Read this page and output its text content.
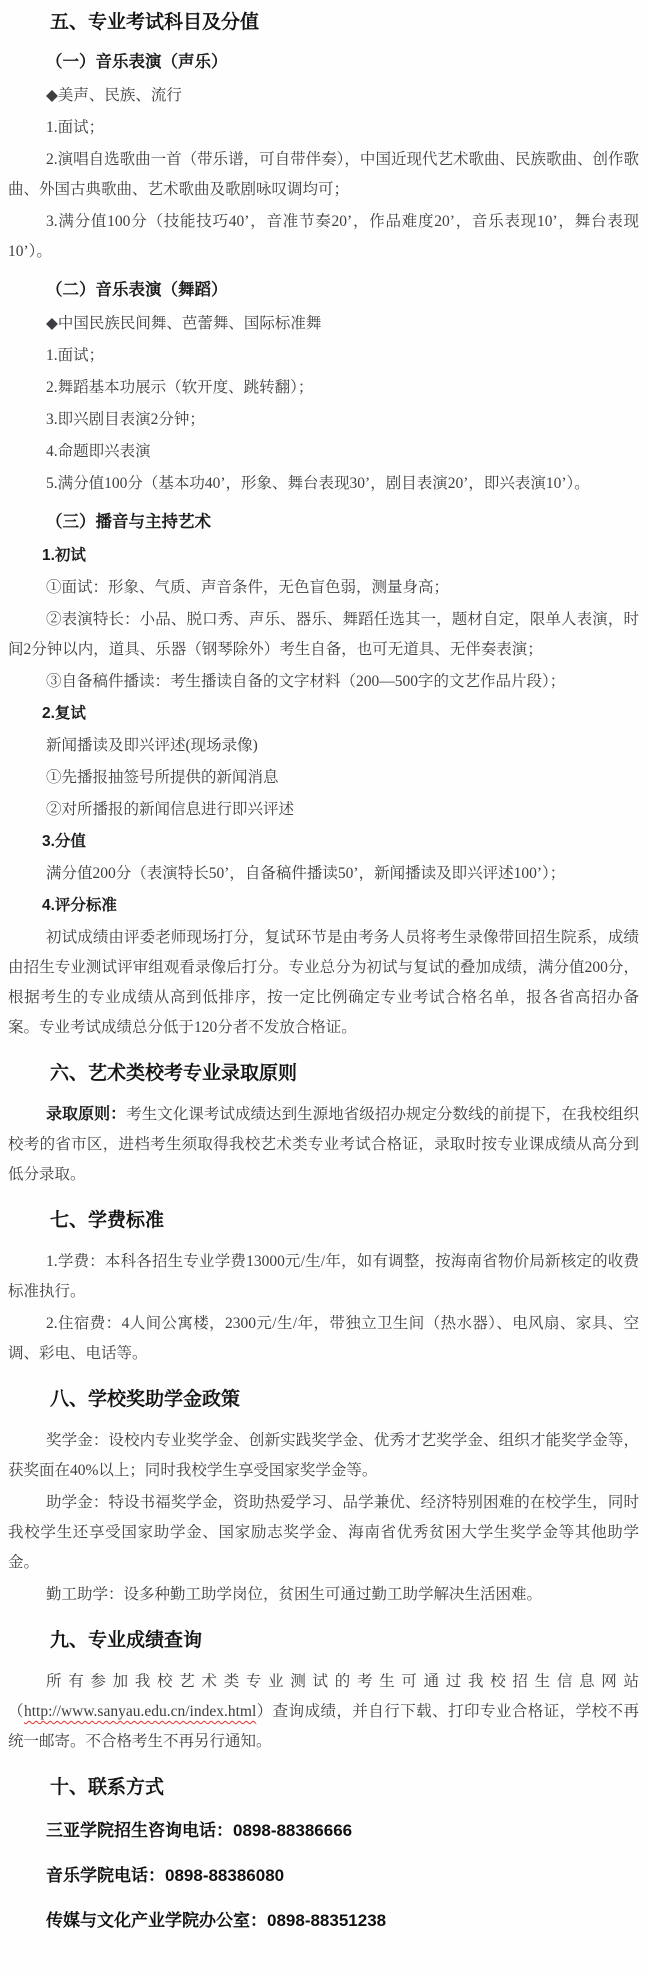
五、专业考试科目及分值
（一）音乐表演（声乐）

◆美声、民族、流行

1.面试；

2.演唱自选歌曲一首（带乐谱，可自带伴奏），中国近现代艺术歌曲、民族歌曲、创作歌曲、外国古典歌曲、艺术歌曲及歌剧咏叹调均可；

3.满分值100分（技能技巧40’，音准节奏20’，作品难度20’，音乐表现10’，舞台表现10’）。

（二）音乐表演（舞蹈）

◆中国民族民间舞、芭蕾舞、国际标准舞

1.面试；

2.舞蹈基本功展示（软开度、跳转翻）；

3.即兴剧目表演2分钟；

4.命题即兴表演

5.满分值100分（基本功40’，形象、舞台表现30’，剧目表演20’，即兴表演10’）。

（三）播音与主持艺术
1.初试

①面试：形象、气质、声音条件，无色盲色弱，测量身高；

②表演特长：小品、脱口秀、声乐、器乐、舞蹈任选其一，题材自定，限单人表演，时间2分钟以内，道具、乐器（钢琴除外）考生自备，也可无道具、无伴奏表演；

③自备稿件播读：考生播读自备的文字材料（200—500字的文艺作品片段）；

2.复试

新闻播读及即兴评述(现场录像)

①先播报抽签号所提供的新闻消息

②对所播报的新闻信息进行即兴评述

3.分值

满分值200分（表演特长50’，自备稿件播读50’，新闻播读及即兴评述100’）；

4.评分标准

初试成绩由评委老师现场打分，复试环节是由考务人员将考生录像带回招生院系，成绩由招生专业测试评审组观看录像后打分。专业总分为初试与复试的叠加成绩，满分值200分，根据考生的专业成绩从高到低排序，按一定比例确定专业考试合格名单，报各省高招办备案。专业考试成绩总分低于120分者不发放合格证。

六、艺术类校考专业录取原则

录取原则：考生文化课考试成绩达到生源地省级招办规定分数线的前提下，在我校组织校考的省市区，进档考生须取得我校艺术类专业考试合格证，录取时按专业课成绩从高分到低分录取。

七、学费标准

1.学费：本科各招生专业学费13000元/生/年，如有调整，按海南省物价局新核定的收费标准执行。

2.住宿费：4人间公寓楼，2300元/生/年，带独立卫生间（热水器）、电风扇、家具、空调、彩电、电话等。

八、学校奖助学金政策

奖学金：设校内专业奖学金、创新实践奖学金、优秀才艺奖学金、组织才能奖学金等，获奖面在40%以上；同时我校学生享受国家奖学金等。

助学金：特设书福奖学金，资助热爱学习、品学兼优、经济特别困难的在校学生，同时我校学生还享受国家助学金、国家励志奖学金、海南省优秀贫困大学生奖学金等其他助学金。

勤工助学：设多种勤工助学岗位，贫困生可通过勤工助学解决生活困难。

九、专业成绩查询

所有参加我校艺术类专业测试的考生可通过我校招生信息网站（http://www.sanyau.edu.cn/index.html）查询成绩，并自行下载、打印专业合格证，学校不再统一邮寄。不合格考生不再另行通知。

十、联系方式

三亚学院招生咨询电话：0898-88386666

音乐学院电话：0898-88386080

传媒与文化产业学院办公室：0898-88351238
